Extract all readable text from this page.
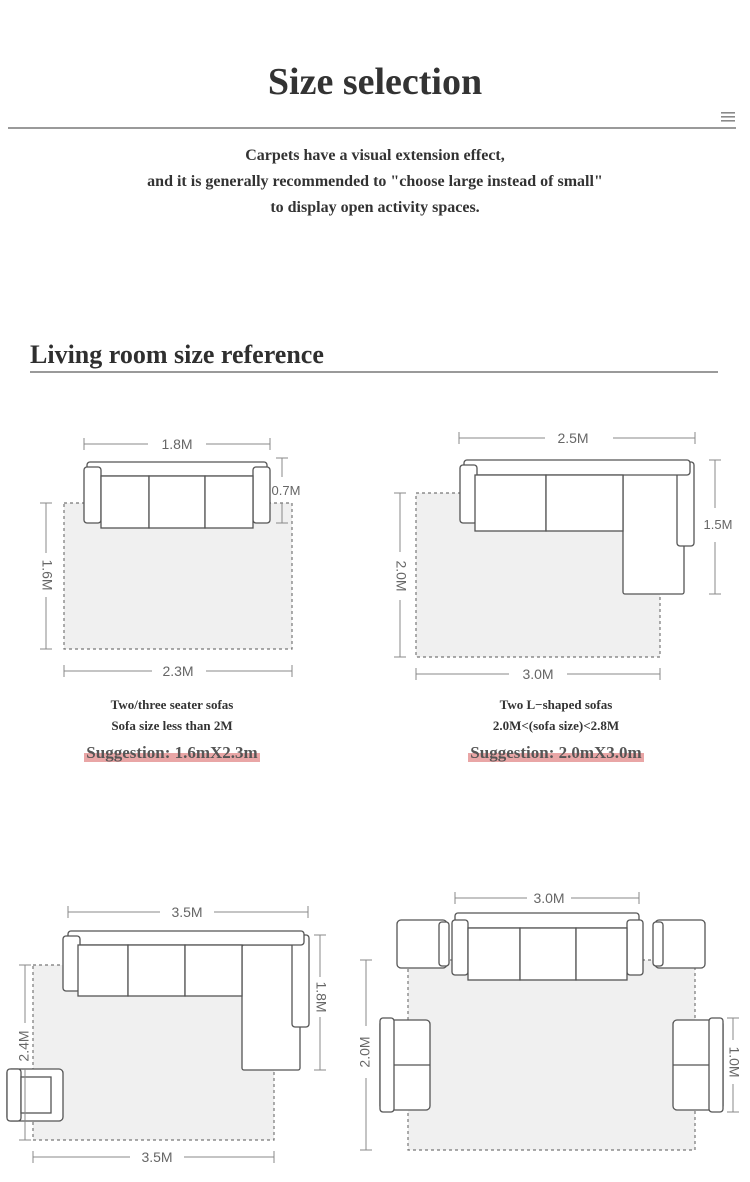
Size selection
Carpets have a visual extension effect,
and it is generally recommended to "choose large instead of small"
to display open activity spaces.
Living room size reference
1.8M
0.7M
1.6M
2.3M
Two/three seater sofas
Sofa size less than 2M
Suggestion: 1.6mX2.3m
2.5M
1.5M
2.0M
3.0M
Two L−shaped sofas
2.0M<(sofa size)<2.8M
Suggestion: 2.0mX3.0m
3.5M
1.8M
2.4M
3.5M
3.0M
2.0M	1.0M
